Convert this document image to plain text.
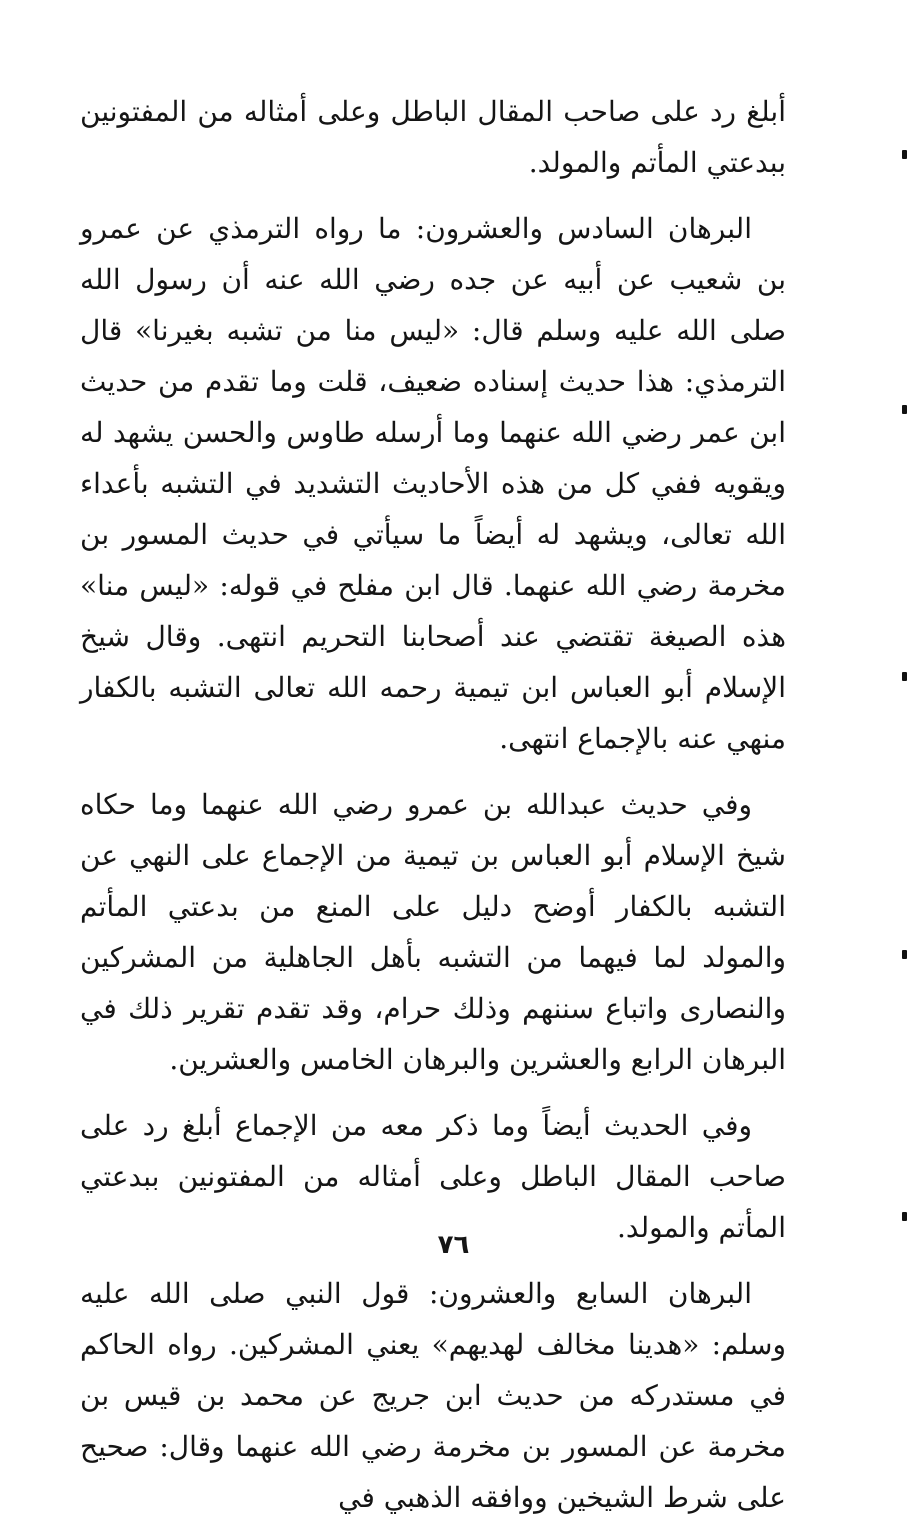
أبلغ رد على صاحب المقال الباطل وعلى أمثاله من المفتونين ببدعتي المأتم والمولد.

البرهان السادس والعشرون: ما رواه الترمذي عن عمرو بن شعيب عن أبيه عن جده رضي الله عنه أن رسول الله صلى الله عليه وسلم قال: «ليس منا من تشبه بغيرنا» قال الترمذي: هذا حديث إسناده ضعيف، قلت وما تقدم من حديث ابن عمر رضي الله عنهما وما أرسله طاوس والحسن يشهد له ويقويه ففي كل من هذه الأحاديث التشديد في التشبه بأعداء الله تعالى، ويشهد له أيضاً ما سيأتي في حديث المسور بن مخرمة رضي الله عنهما. قال ابن مفلح في قوله: «ليس منا» هذه الصيغة تقتضي عند أصحابنا التحريم انتهى. وقال شيخ الإسلام أبو العباس ابن تيمية رحمه الله تعالى التشبه بالكفار منهي عنه بالإجماع انتهى.

وفي حديث عبدالله بن عمرو رضي الله عنهما وما حكاه شيخ الإسلام أبو العباس بن تيمية من الإجماع على النهي عن التشبه بالكفار أوضح دليل على المنع من بدعتي المأتم والمولد لما فيهما من التشبه بأهل الجاهلية من المشركين والنصارى واتباع سننهم وذلك حرام، وقد تقدم تقرير ذلك في البرهان الرابع والعشرين والبرهان الخامس والعشرين.

وفي الحديث أيضاً وما ذكر معه من الإجماع أبلغ رد على صاحب المقال الباطل وعلى أمثاله من المفتونين ببدعتي المأتم والمولد.

البرهان السابع والعشرون: قول النبي صلى الله عليه وسلم: «هدينا مخالف لهديهم» يعني المشركين. رواه الحاكم في مستدركه من حديث ابن جريج عن محمد بن قيس بن مخرمة عن المسور بن مخرمة رضي الله عنهما وقال: صحيح على شرط الشيخين ووافقه الذهبي في

٧٦
